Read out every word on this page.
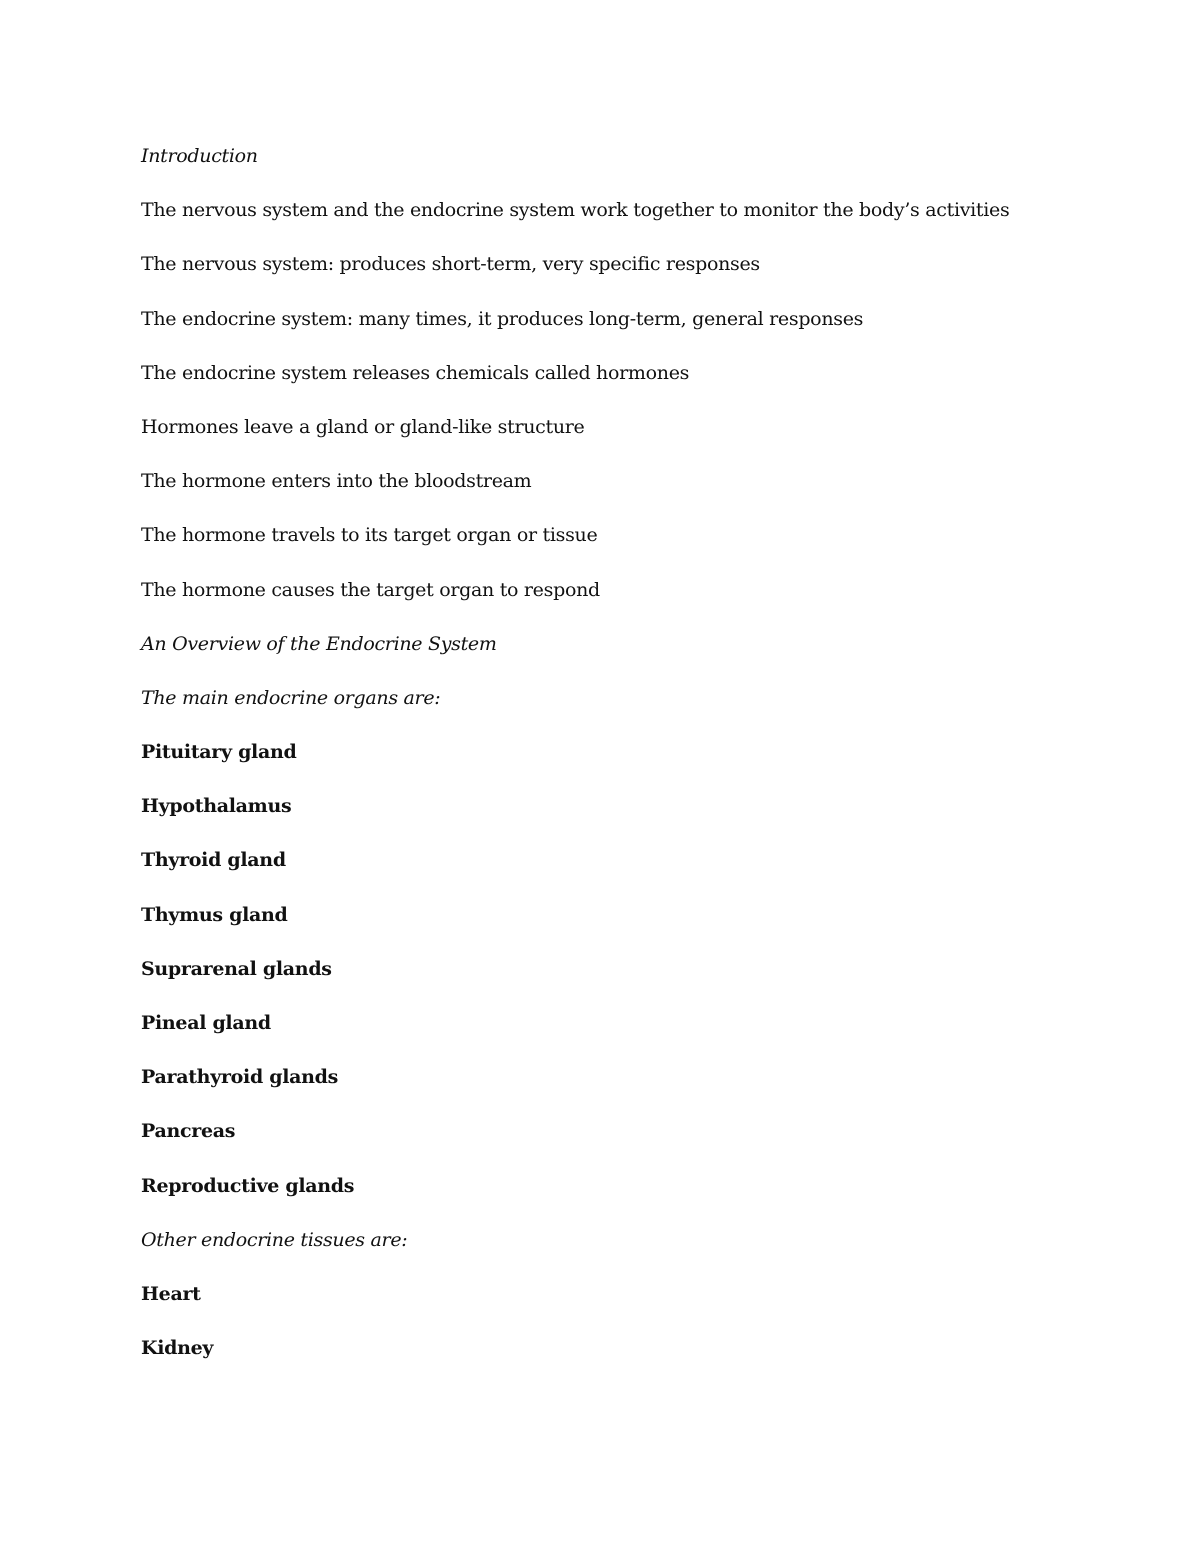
Introduction
The nervous system and the endocrine system work together to monitor the body’s activities
The nervous system: produces short-term, very specific responses
The endocrine system: many times, it produces long-term, general responses
The endocrine system releases chemicals called hormones
Hormones leave a gland or gland-like structure
The hormone enters into the bloodstream
The hormone travels to its target organ or tissue
The hormone causes the target organ to respond
An Overview of the Endocrine System
The main endocrine organs are:
Pituitary gland
Hypothalamus
Thyroid gland
Thymus gland
Suprarenal glands
Pineal gland
Parathyroid glands
Pancreas
Reproductive glands
Other endocrine tissues are:
Heart
Kidney
